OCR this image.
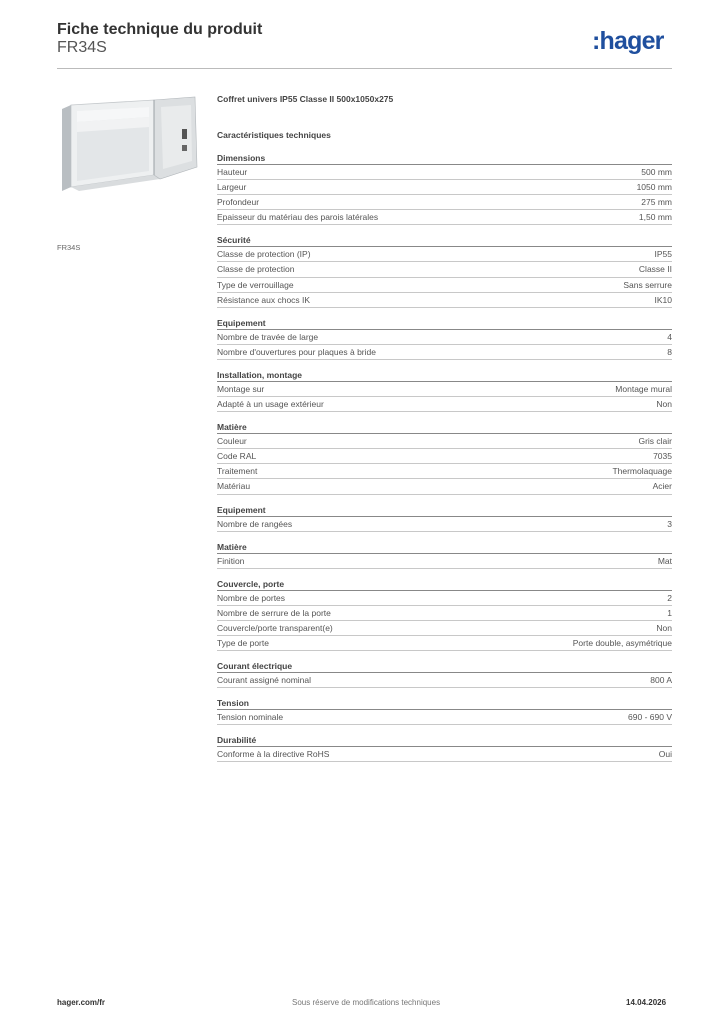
Fiche technique du produit
FR34S	:hager
FR34S
Coffret univers IP55 Classe II 500x1050x275
Caractéristiques techniques
Dimensions
Hauteur	500 mm
Largeur	1050 mm
Profondeur	275 mm
Epaisseur du matériau des parois latérales	1,50 mm
Sécurité
Classe de protection (IP)	IP55
Classe de protection	Classe II
Type de verrouillage	Sans serrure
Résistance aux chocs IK	IK10
Equipement
Nombre de travée de large	4
Nombre d'ouvertures pour plaques à bride	8
Installation, montage
Montage sur	Montage mural
Adapté à un usage extérieur	Non
Matière
Couleur	Gris clair
Code RAL	7035
Traitement	Thermolaquage
Matériau	Acier
Equipement
Nombre de rangées	3
Matière
Finition	Mat
Couvercle, porte
Nombre de portes	2
Nombre de serrure de la porte	1
Couvercle/porte transparent(e)	Non
Type de porte	Porte double, asymétrique
Courant électrique
Courant assigné nominal	800 A
Tension
Tension nominale	690 - 690 V
Durabilité
Conforme à la directive RoHS	Oui
hager.com/fr	Sous réserve de modifications techniques	14.04.2026
